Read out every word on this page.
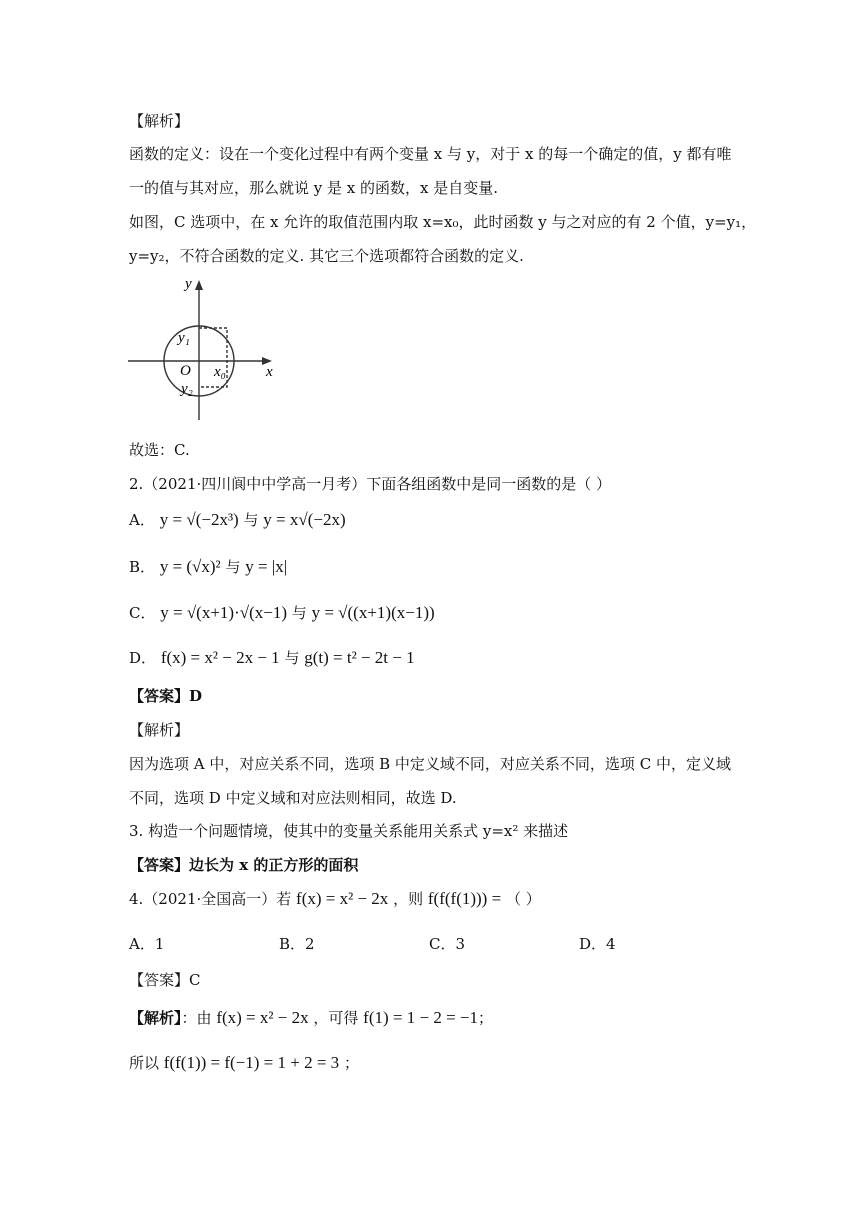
【解析】
函数的定义：设在一个变化过程中有两个变量 x 与 y，对于 x 的每一个确定的值，y 都有唯
一的值与其对应，那么就说 y 是 x 的函数，x 是自变量.
如图，C 选项中，在 x 允许的取值范围内取 x=x₀，此时函数 y 与之对应的有 2 个值，y=y₁，
y=y₂，不符合函数的定义. 其它三个选项都符合函数的定义.
y
x
O
y₁
y₂
x₀
故选：C.
2.（2021·四川阆中中学高一月考）下面各组函数中是同一函数的是（ ）
A． y = √(−2x³) 与 y = x√(−2x)
B． y = (√x)² 与 y = |x|
C． y = √(x+1)·√(x−1) 与 y = √((x+1)(x−1))
D． f(x) = x² − 2x − 1 与 g(t) = t² − 2t − 1
【答案】D
【解析】
因为选项 A 中，对应关系不同，选项 B 中定义域不同，对应关系不同，选项 C 中，定义域
不同，选项 D 中定义域和对应法则相同，故选 D.
3. 构造一个问题情境，使其中的变量关系能用关系式 y=x² 来描述
【答案】边长为 x 的正方形的面积
4.（2021·全国高一）若 f(x) = x² − 2x ，则 f(f(f(1))) = （ ）
A．1	B．2	C．3	D．4
【答案】C
【解析】：由 f(x) = x² − 2x ，可得 f(1) = 1 − 2 = −1；
所以 f(f(1)) = f(−1) = 1 + 2 = 3 ；
